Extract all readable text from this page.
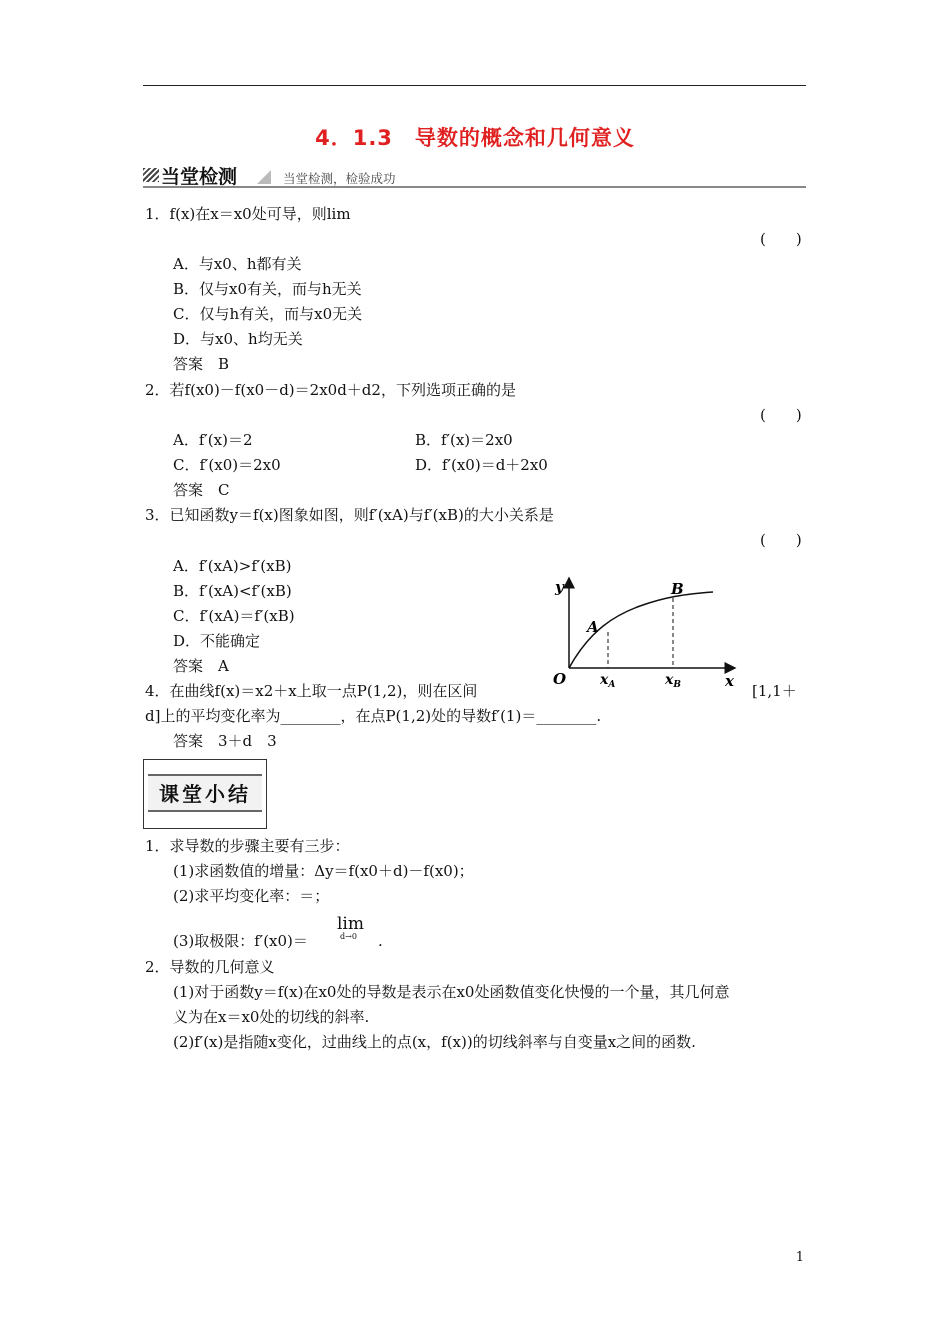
4．1.3　导数的概念和几何意义
当堂检测	当堂检测，检验成功
1．f(x)在x＝x0处可导，则lim
(　　)
A．与x0、h都有关
B．仅与x0有关，而与h无关
C．仅与h有关，而与x0无关
D．与x0、h均无关
答案　B
2．若f(x0)－f(x0－d)＝2x0d＋d2，下列选项正确的是
(　　)
A．f′(x)＝2	B．f′(x)＝2x0
C．f′(x0)＝2x0	D．f′(x0)＝d＋2x0
答案　C
3．已知函数y＝f(x)图象如图，则f′(xA)与f′(xB)的大小关系是
(　　)
A．f′(xA)>f′(xB)
B．f′(xA)<f′(xB)
C．f′(xA)＝f′(xB)
D．不能确定
答案　A
y
x
O
A
B
$x_A$	$x_B$
4．在曲线f(x)＝x2＋x上取一点P(1,2)，则在区间	[1,1＋
d]上的平均变化率为________，在点P(1,2)处的导数f′(1)＝________.
答案　3＋d　3
课堂小结
1．求导数的步骤主要有三步：
(1)求函数值的增量：Δy＝f(x0＋d)－f(x0)；
(2)求平均变化率：＝；
(3)取极限：f′(x0)＝
lim
d→0 .
2．导数的几何意义
(1)对于函数y＝f(x)在x0处的导数是表示在x0处函数值变化快慢的一个量，其几何意
义为在x＝x0处的切线的斜率.
(2)f′(x)是指随x变化，过曲线上的点(x，f(x))的切线斜率与自变量x之间的函数.
1
